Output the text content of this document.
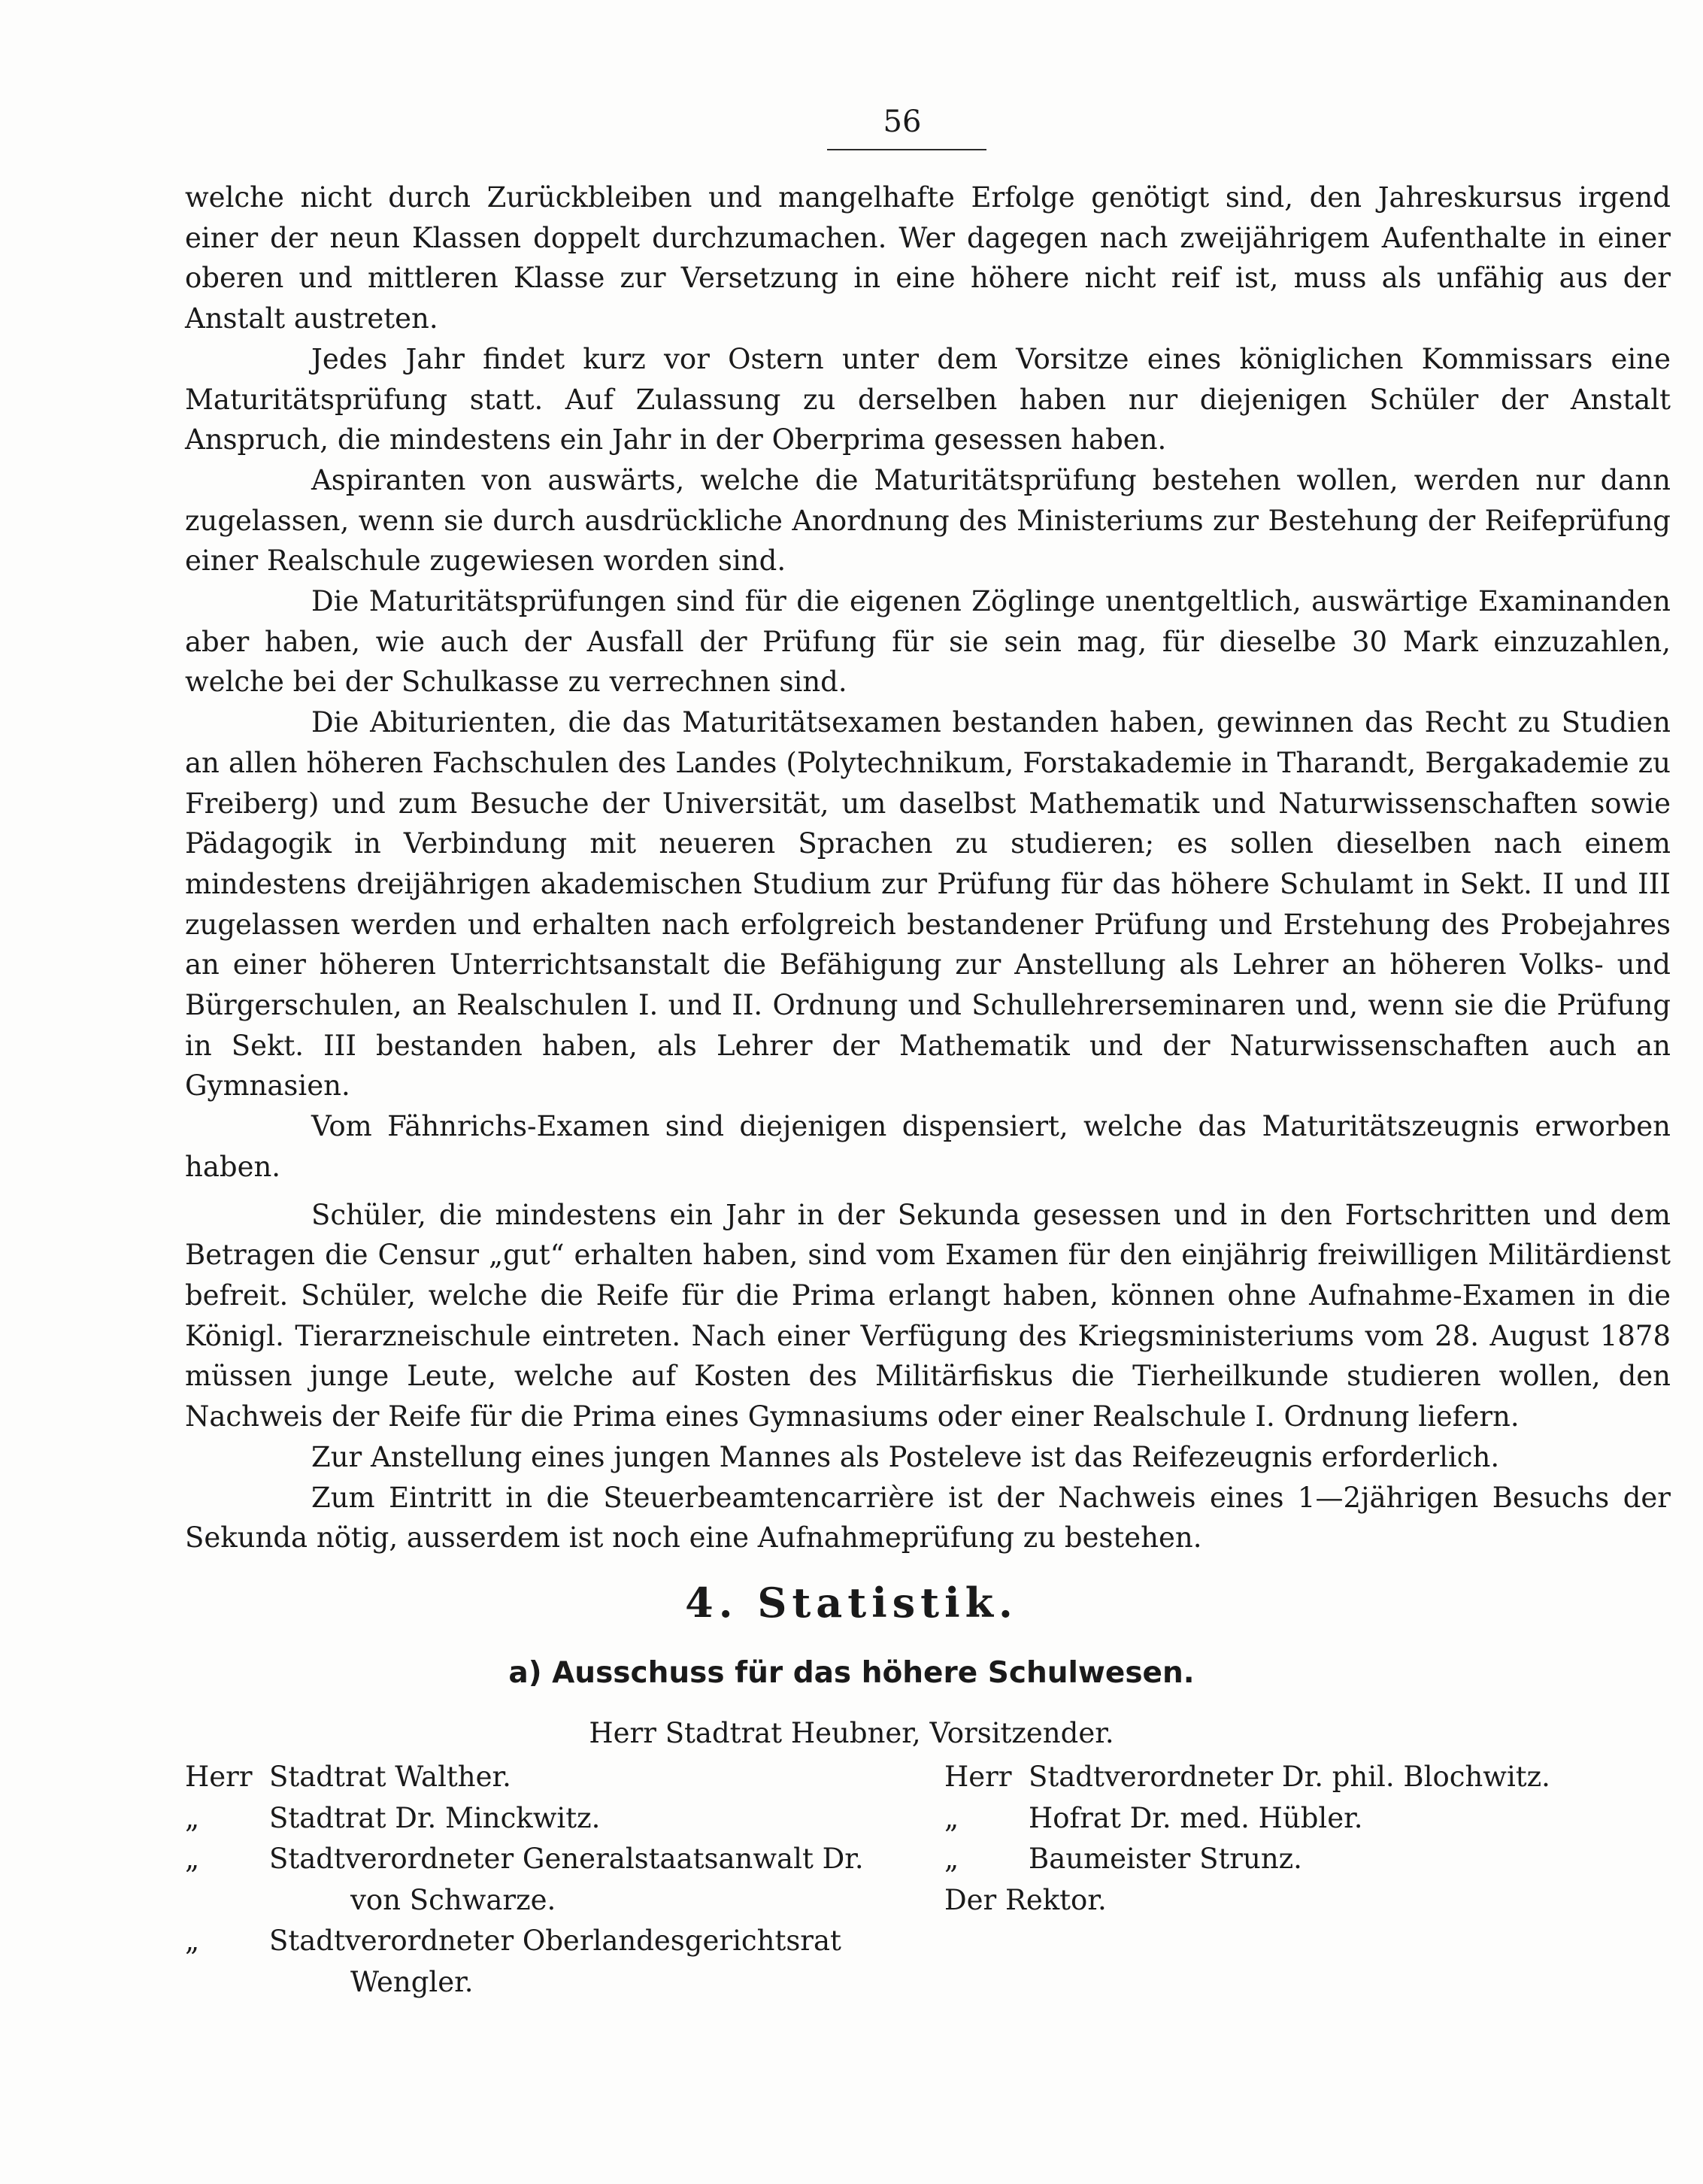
56

welche nicht durch Zurückbleiben und mangelhafte Erfolge genötigt sind, den Jahreskursus irgend einer der neun Klassen doppelt durchzumachen. Wer dagegen nach zweijährigem Aufenthalte in einer oberen und mittleren Klasse zur Versetzung in eine höhere nicht reif ist, muss als unfähig aus der Anstalt austreten.

Jedes Jahr findet kurz vor Ostern unter dem Vorsitze eines königlichen Kommissars eine Maturitätsprüfung statt. Auf Zulassung zu derselben haben nur diejenigen Schüler der Anstalt Anspruch, die mindestens ein Jahr in der Oberprima gesessen haben.

Aspiranten von auswärts, welche die Maturitätsprüfung bestehen wollen, werden nur dann zugelassen, wenn sie durch ausdrückliche Anordnung des Ministeriums zur Bestehung der Reifeprüfung einer Realschule zugewiesen worden sind.

Die Maturitätsprüfungen sind für die eigenen Zöglinge unentgeltlich, auswärtige Examinanden aber haben, wie auch der Ausfall der Prüfung für sie sein mag, für dieselbe 30 Mark einzuzahlen, welche bei der Schulkasse zu verrechnen sind.

Die Abiturienten, die das Maturitätsexamen bestanden haben, gewinnen das Recht zu Studien an allen höheren Fachschulen des Landes (Polytechnikum, Forstakademie in Tharandt, Bergakademie zu Freiberg) und zum Besuche der Universität, um daselbst Mathematik und Naturwissenschaften sowie Pädagogik in Verbindung mit neueren Sprachen zu studieren; es sollen dieselben nach einem mindestens dreijährigen akademischen Studium zur Prüfung für das höhere Schulamt in Sekt. II und III zugelassen werden und erhalten nach erfolgreich bestandener Prüfung und Erstehung des Probejahres an einer höheren Unterrichtsanstalt die Befähigung zur Anstellung als Lehrer an höheren Volks- und Bürgerschulen, an Realschulen I. und II. Ordnung und Schullehrerseminaren und, wenn sie die Prüfung in Sekt. III bestanden haben, als Lehrer der Mathematik und der Naturwissenschaften auch an Gymnasien.

Vom Fähnrichs-Examen sind diejenigen dispensiert, welche das Maturitätszeugnis erworben haben.

Schüler, die mindestens ein Jahr in der Sekunda gesessen und in den Fortschritten und dem Betragen die Censur „gut“ erhalten haben, sind vom Examen für den einjährig freiwilligen Militärdienst befreit. Schüler, welche die Reife für die Prima erlangt haben, können ohne Aufnahme-Examen in die Königl. Tierarzneischule eintreten. Nach einer Verfügung des Kriegsministeriums vom 28. August 1878 müssen junge Leute, welche auf Kosten des Militärfiskus die Tierheilkunde studieren wollen, den Nachweis der Reife für die Prima eines Gymnasiums oder einer Realschule I. Ordnung liefern.

Zur Anstellung eines jungen Mannes als Posteleve ist das Reifezeugnis erforderlich.

Zum Eintritt in die Steuerbeamtencarrière ist der Nachweis eines 1—2jährigen Besuchs der Sekunda nötig, ausserdem ist noch eine Aufnahmeprüfung zu bestehen.

4. Statistik.
a) Ausschuss für das höhere Schulwesen.
Herr Stadtrat Heubner, Vorsitzender.
Herr Stadtrat Walther.
„	Stadtrat Dr. Minckwitz.
„	Stadtverordneter Generalstaatsanwalt Dr.
von Schwarze.
„	Stadtverordneter Oberlandesgerichtsrat
Wengler.
Herr Stadtverordneter Dr. phil. Blochwitz.
„	Hofrat Dr. med. Hübler.
„	Baumeister Strunz.
Der Rektor.
